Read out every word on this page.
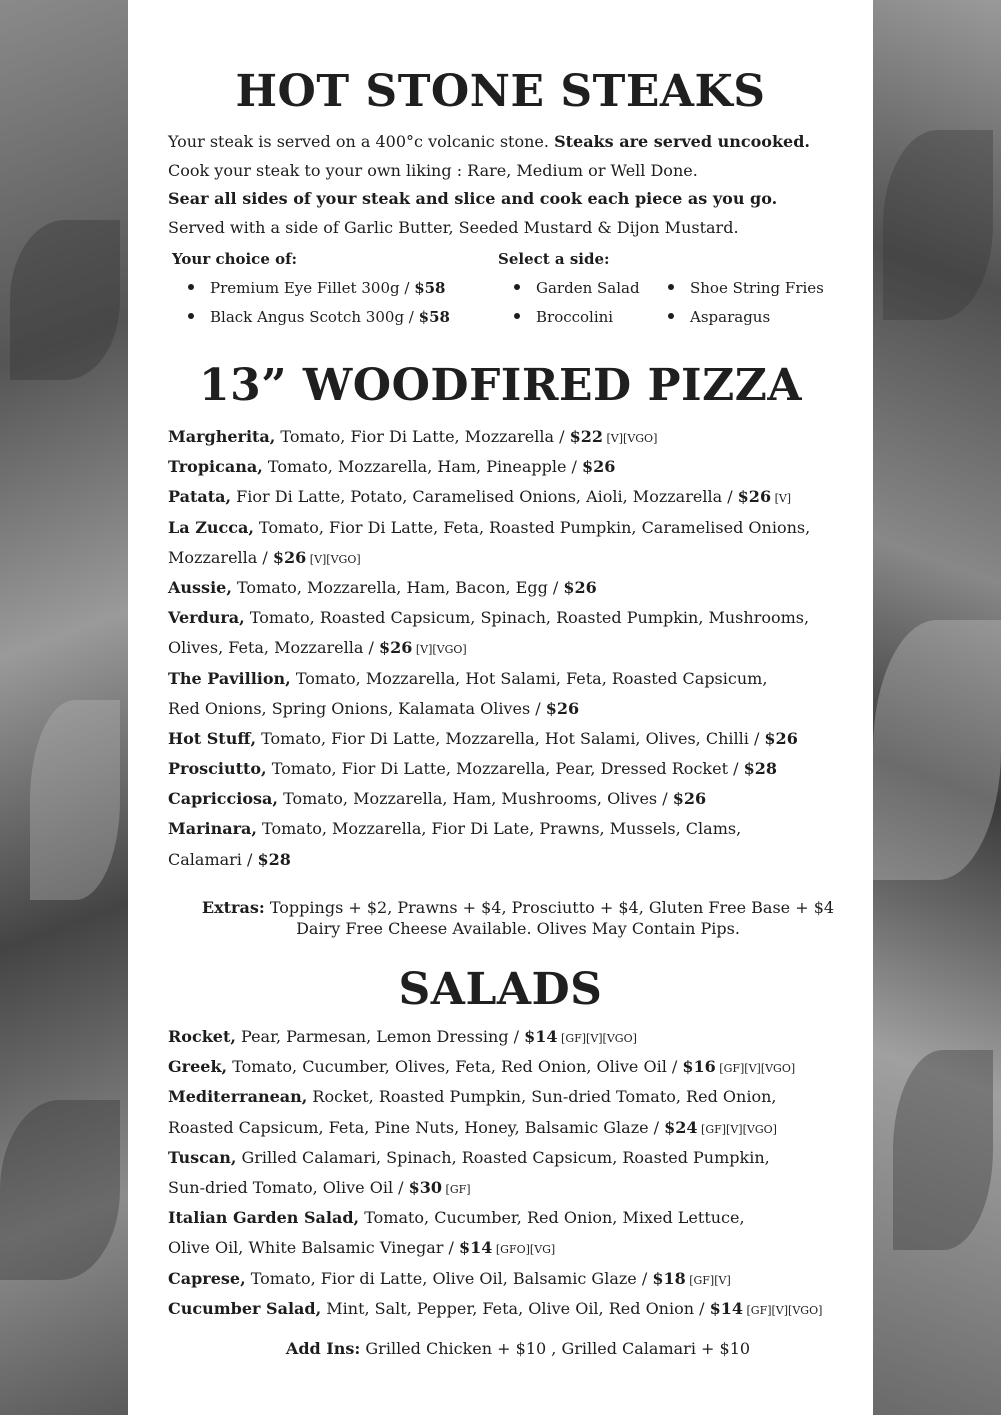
HOT STONE STEAKS
Your steak is served on a 400°c volcanic stone. Steaks are served uncooked.
Cook your steak to your own liking : Rare, Medium or Well Done.
Sear all sides of your steak and slice and cook each piece as you go.
Served with a side of Garlic Butter, Seeded Mustard & Dijon Mustard.
Your choice of:
Premium Eye Fillet 300g / $58
Black Angus Scotch 300g / $58
Select a side:
Garden Salad
Broccolini
Shoe String Fries
Asparagus
13” WOODFIRED PIZZA
Margherita, Tomato, Fior Di Latte, Mozzarella / $22 [V][VGO]
Tropicana, Tomato, Mozzarella, Ham, Pineapple / $26
Patata, Fior Di Latte, Potato, Caramelised Onions, Aioli, Mozzarella / $26 [V]
La Zucca, Tomato, Fior Di Latte, Feta, Roasted Pumpkin, Caramelised Onions,
Mozzarella / $26 [V][VGO]
Aussie, Tomato, Mozzarella, Ham, Bacon, Egg / $26
Verdura, Tomato, Roasted Capsicum, Spinach, Roasted Pumpkin, Mushrooms,
Olives, Feta, Mozzarella / $26 [V][VGO]
The Pavillion, Tomato, Mozzarella, Hot Salami, Feta, Roasted Capsicum,
Red Onions, Spring Onions, Kalamata Olives / $26
Hot Stuff, Tomato, Fior Di Latte, Mozzarella, Hot Salami, Olives, Chilli / $26
Prosciutto, Tomato, Fior Di Latte, Mozzarella, Pear, Dressed Rocket / $28
Capricciosa, Tomato, Mozzarella, Ham, Mushrooms, Olives / $26
Marinara, Tomato, Mozzarella, Fior Di Late, Prawns, Mussels, Clams,
Calamari / $28
Extras: Toppings + $2, Prawns + $4, Prosciutto + $4, Gluten Free Base + $4
Dairy Free Cheese Available. Olives May Contain Pips.
SALADS
Rocket, Pear, Parmesan, Lemon Dressing / $14 [GF][V][VGO]
Greek, Tomato, Cucumber, Olives, Feta, Red Onion, Olive Oil / $16 [GF][V][VGO]
Mediterranean, Rocket, Roasted Pumpkin, Sun-dried Tomato, Red Onion,
Roasted Capsicum, Feta, Pine Nuts, Honey, Balsamic Glaze / $24 [GF][V][VGO]
Tuscan, Grilled Calamari, Spinach, Roasted Capsicum, Roasted Pumpkin,
Sun-dried Tomato, Olive Oil / $30 [GF]
Italian Garden Salad, Tomato, Cucumber, Red Onion, Mixed Lettuce,
Olive Oil, White Balsamic Vinegar / $14 [GFO][VG]
Caprese, Tomato, Fior di Latte, Olive Oil, Balsamic Glaze / $18 [GF][V]
Cucumber Salad, Mint, Salt, Pepper, Feta, Olive Oil, Red Onion / $14 [GF][V][VGO]
Add Ins: Grilled Chicken + $10 , Grilled Calamari + $10
